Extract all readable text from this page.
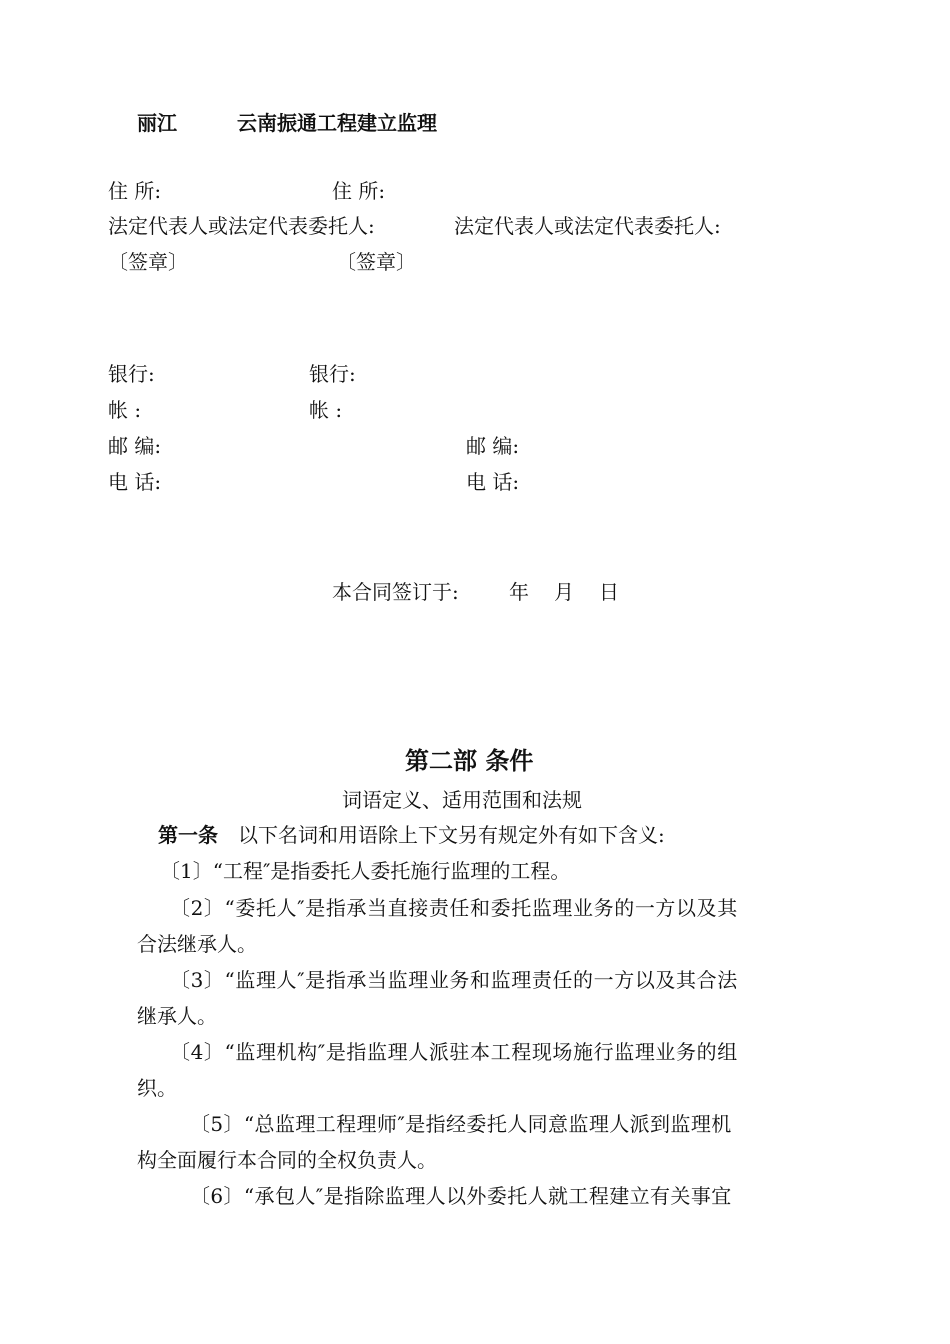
丽江	云南振通工程建立监理
住 所:	住 所:
法定代表人或法定代表委托人:	法定代表人或法定代表委托人:
〔签章〕	〔签章〕
银行:	银行:
帐 :	帐 :
邮 编:	邮 编:
电 话:	电 话:
本合同签订于:	年 月 日
第二部 条件
词语定义、适用范围和法规
第一条 以下名词和用语除上下文另有规定外有如下含义:
〔1〕“工程″是指委托人委托施行监理的工程。
〔2〕“委托人″是指承当直接责任和委托监理业务的一方以及其
合法继承人。
〔3〕“监理人″是指承当监理业务和监理责任的一方以及其合法
继承人。
〔4〕“监理机构″是指监理人派驻本工程现场施行监理业务的组
织。
〔5〕“总监理工程理师″是指经委托人同意监理人派到监理机
构全面履行本合同的全权负责人。
〔6〕“承包人″是指除监理人以外委托人就工程建立有关事宜
